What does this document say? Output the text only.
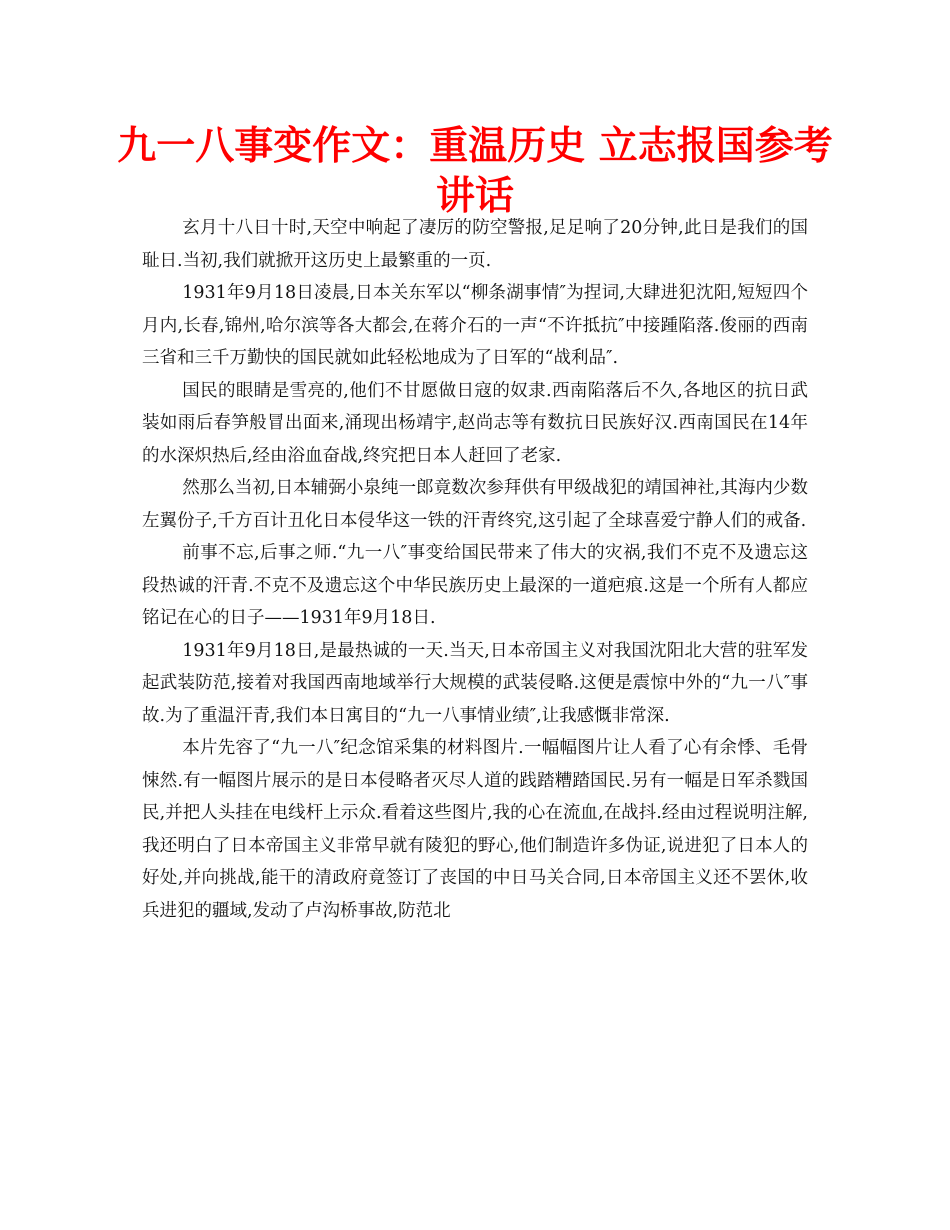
九一八事变作文：重温历史 立志报国参考讲话

玄月十八日十时,天空中响起了凄厉的防空警报,足足响了20分钟,此日是我们的国耻日.当初,我们就掀开这历史上最繁重的一页.

1931年9月18日凌晨,日本关东军以“柳条湖事情″为捏词,大肆进犯沈阳,短短四个月内,长春,锦州,哈尔滨等各大都会,在蒋介石的一声“不许抵抗″中接踵陷落.俊丽的西南三省和三千万勤快的国民就如此轻松地成为了日军的“战利品″.

国民的眼睛是雪亮的,他们不甘愿做日寇的奴隶.西南陷落后不久,各地区的抗日武装如雨后春笋般冒出面来,涌现出杨靖宇,赵尚志等有数抗日民族好汉.西南国民在14年的水深炽热后,经由浴血奋战,终究把日本人赶回了老家.

然那么当初,日本辅弼小泉纯一郎竟数次参拜供有甲级战犯的靖国神社,其海内少数左翼份子,千方百计丑化日本侵华这一铁的汗青终究,这引起了全球喜爱宁静人们的戒备.

前事不忘,后事之师.“九一八″事变给国民带来了伟大的灾祸,我们不克不及遗忘这段热诚的汗青.不克不及遗忘这个中华民族历史上最深的一道疤痕.这是一个所有人都应铭记在心的日子——1931年9月18日.

1931年9月18日,是最热诚的一天.当天,日本帝国主义对我国沈阳北大营的驻军发起武装防范,接着对我国西南地域举行大规模的武装侵略.这便是震惊中外的“九一八″事故.为了重温汗青,我们本日寓目的“九一八事情业绩″,让我感慨非常深.

本片先容了“九一八″纪念馆采集的材料图片.一幅幅图片让人看了心有余悸、毛骨悚然.有一幅图片展示的是日本侵略者灭尽人道的践踏糟踏国民.另有一幅是日军杀戮国民,并把人头挂在电线杆上示众.看着这些图片,我的心在流血,在战抖.经由过程说明注解,我还明白了日本帝国主义非常早就有陵犯的野心,他们制造许多伪证,说进犯了日本人的好处,并向挑战,能干的清政府竟签订了丧国的中日马关合同,日本帝国主义还不罢休,收兵进犯的疆域,发动了卢沟桥事故,防范北
